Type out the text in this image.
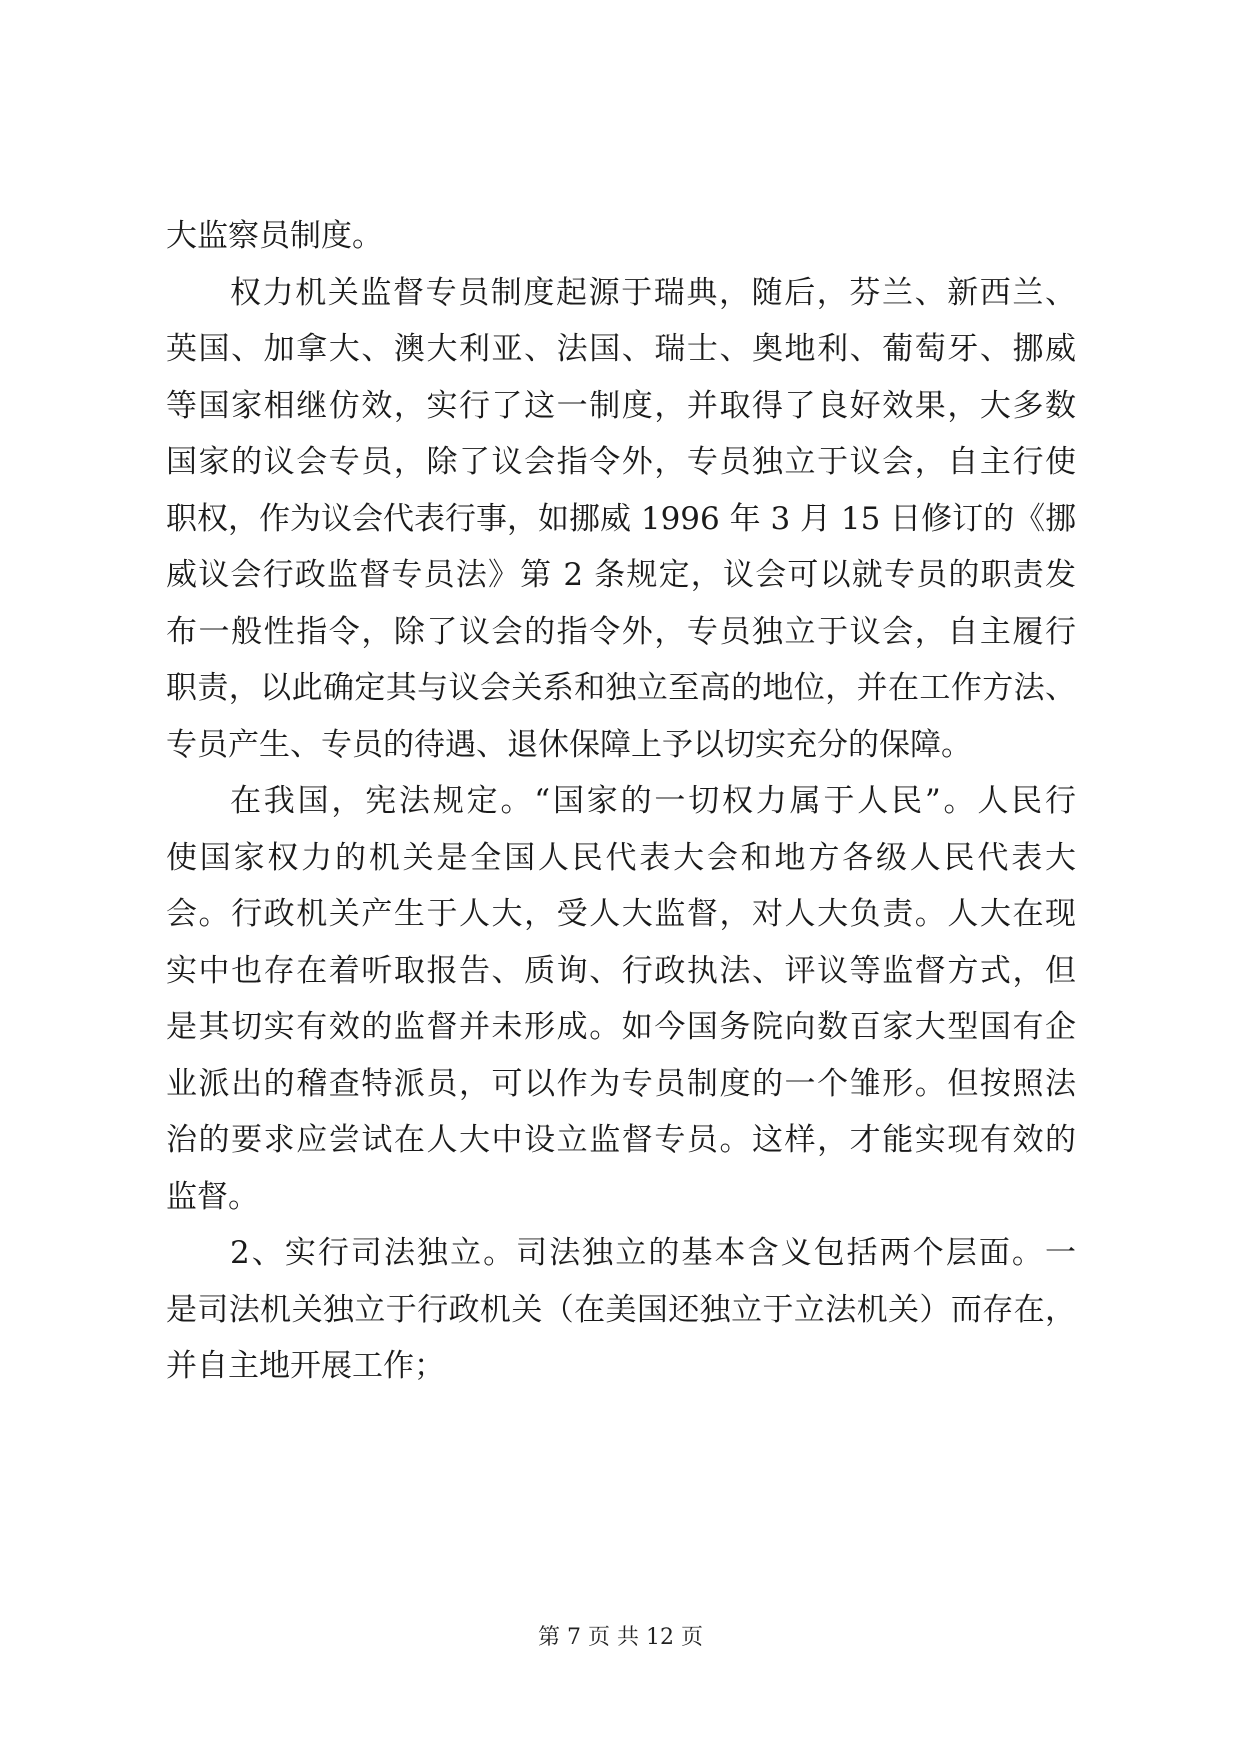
大监察员制度。
权力机关监督专员制度起源于瑞典，随后，芬兰、新西兰、
英国、加拿大、澳大利亚、法国、瑞士、奥地利、葡萄牙、挪威
等国家相继仿效，实行了这一制度，并取得了良好效果，大多数
国家的议会专员，除了议会指令外，专员独立于议会，自主行使
职权，作为议会代表行事，如挪威 1996 年 3 月 15 日修订的《挪
威议会行政监督专员法》第 2 条规定，议会可以就专员的职责发
布一般性指令，除了议会的指令外，专员独立于议会，自主履行
职责，以此确定其与议会关系和独立至高的地位，并在工作方法、
专员产生、专员的待遇、退休保障上予以切实充分的保障。
在我国，宪法规定。“国家的一切权力属于人民”。人民行
使国家权力的机关是全国人民代表大会和地方各级人民代表大
会。行政机关产生于人大，受人大监督，对人大负责。人大在现
实中也存在着听取报告、质询、行政执法、评议等监督方式，但
是其切实有效的监督并未形成。如今国务院向数百家大型国有企
业派出的稽查特派员，可以作为专员制度的一个雏形。但按照法
治的要求应尝试在人大中设立监督专员。这样，才能实现有效的
监督。
2、实行司法独立。司法独立的基本含义包括两个层面。一
是司法机关独立于行政机关（在美国还独立于立法机关）而存在，
并自主地开展工作；
第 7 页 共 12 页
